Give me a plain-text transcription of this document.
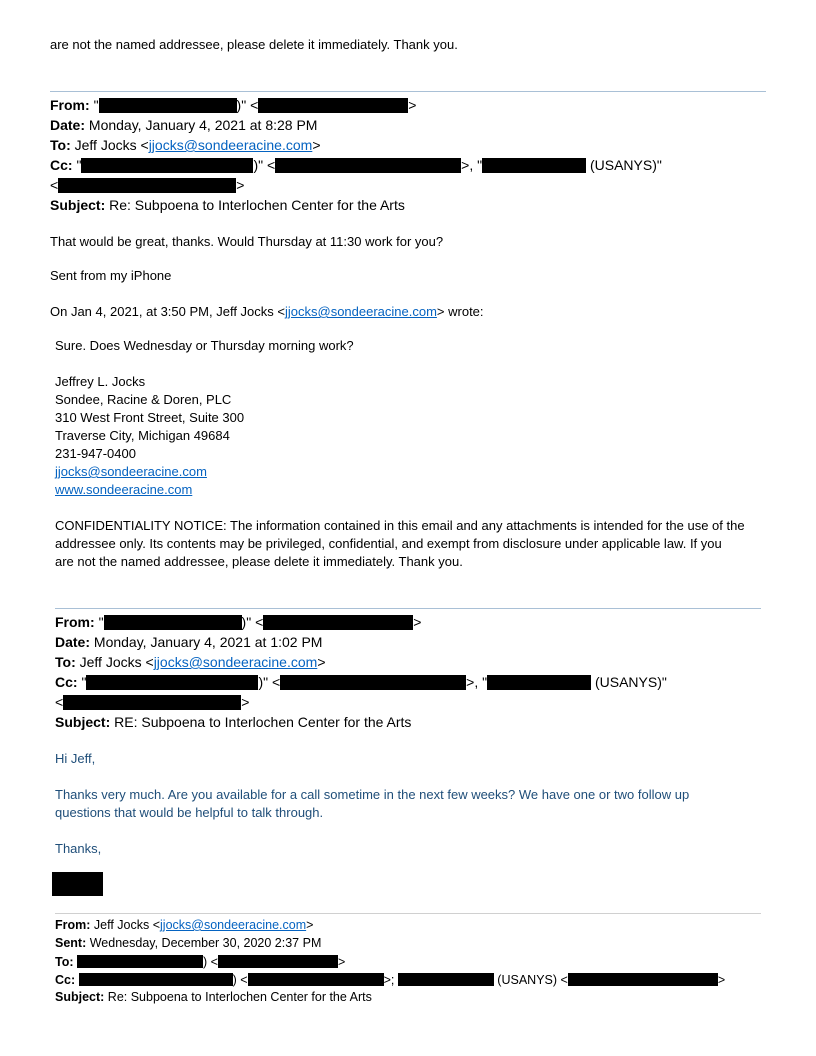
are not the named addressee, please delete it immediately. Thank you.
From: "	)" <	>
Date: Monday, January 4, 2021 at 8:28 PM
To: Jeff Jocks <jjocks@sondeeracine.com>
Cc: "	)" <	>, "	(USANYS)"
<	>
Subject: Re: Subpoena to Interlochen Center for the Arts
That would be great, thanks. Would Thursday at 11:30 work for you?
Sent from my iPhone
On Jan 4, 2021, at 3:50 PM, Jeff Jocks <jjocks@sondeeracine.com> wrote:
Sure. Does Wednesday or Thursday morning work?
Jeffrey L. Jocks
Sondee, Racine & Doren, PLC
310 West Front Street, Suite 300
Traverse City, Michigan 49684
231-947-0400
jjocks@sondeeracine.com
www.sondeeracine.com
CONFIDENTIALITY NOTICE: The information contained in this email and any attachments is intended for the use of the
addressee only. Its contents may be privileged, confidential, and exempt from disclosure under applicable law. If you
are not the named addressee, please delete it immediately. Thank you.
From: "	)" <	>
Date: Monday, January 4, 2021 at 1:02 PM
To: Jeff Jocks <jjocks@sondeeracine.com>
Cc: "	)" <	>, "	(USANYS)"
<	>
Subject: RE: Subpoena to Interlochen Center for the Arts
Hi Jeff,
Thanks very much. Are you available for a call sometime in the next few weeks? We have one or two follow up
questions that would be helpful to talk through.
Thanks,
From: Jeff Jocks <jjocks@sondeeracine.com>
Sent: Wednesday, December 30, 2020 2:37 PM
To:	) <	>
Cc:	) <	>;	(USANYS) <	>
Subject: Re: Subpoena to Interlochen Center for the Arts
